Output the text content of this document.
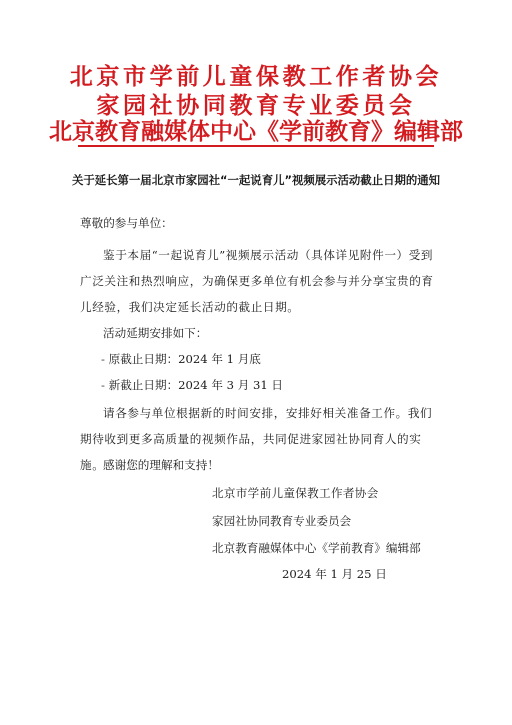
北京市学前儿童保教工作者协会
家园社协同教育专业委员会
北京教育融媒体中心《学前教育》编辑部
关于延长第一届北京市家园社“一起说育儿”视频展示活动截止日期的通知

尊敬的参与单位：

鉴于本届“一起说育儿”视频展示活动（具体详见附件一）受到广泛关注和热烈响应，为确保更多单位有机会参与并分享宝贵的育儿经验，我们决定延长活动的截止日期。

活动延期安排如下：

- 原截止日期：2024 年 1 月底
- 新截止日期：2024 年 3 月 31 日

请各参与单位根据新的时间安排，安排好相关准备工作。我们期待收到更多高质量的视频作品，共同促进家园社协同育人的实施。

感谢您的理解和支持！

北京市学前儿童保教工作者协会
家园社协同教育专业委员会
北京教育融媒体中心《学前教育》编辑部
2024 年 1 月 25 日
